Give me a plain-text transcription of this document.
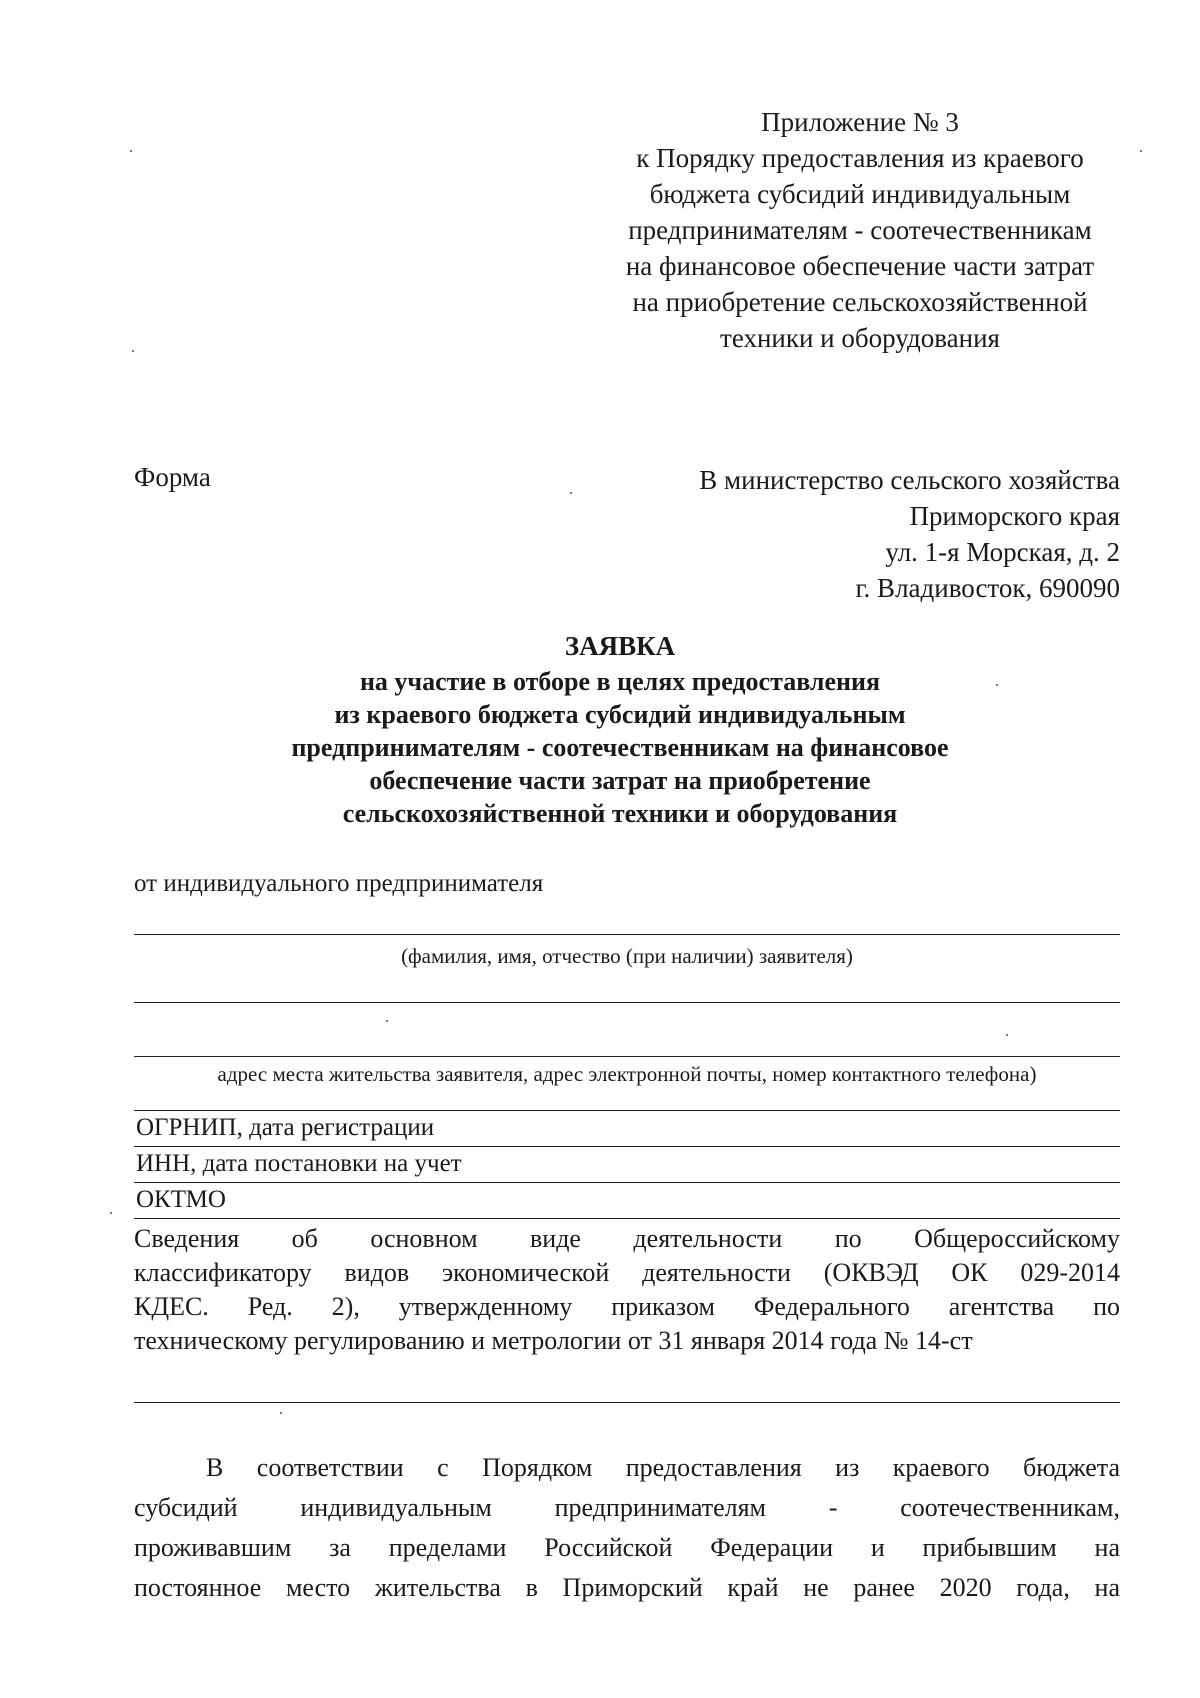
Приложение № 3
к Порядку предоставления из краевого
бюджета субсидий индивидуальным
предпринимателям - соотечественникам
на финансовое обеспечение части затрат
на приобретение сельскохозяйственной
техники и оборудования
Форма	В министерство сельского хозяйства
Приморского края
ул. 1-я Морская, д. 2
г. Владивосток, 690090
ЗАЯВКА
на участие в отборе в целях предоставления
из краевого бюджета субсидий индивидуальным
предпринимателям - соотечественникам на финансовое
обеспечение части затрат на приобретение
сельскохозяйственной техники и оборудования
от индивидуального предпринимателя
(фамилия, имя, отчество (при наличии) заявителя)
адрес места жительства заявителя, адрес электронной почты, номер контактного телефона)
ОГРНИП, дата регистрации
ИНН, дата постановки на учет
ОКТМО
Сведения об основном виде деятельности по Общероссийскому
классификатору видов экономической деятельности (ОКВЭД ОК 029-2014
КДЕС. Ред. 2), утвержденному приказом Федерального агентства по
техническому регулированию и метрологии от 31 января 2014 года № 14-ст
В соответствии с Порядком предоставления из краевого бюджета
субсидий индивидуальным предпринимателям - соотечественникам,
проживавшим за пределами Российской Федерации и прибывшим на
постоянное место жительства в Приморский край не ранее 2020 года, на
